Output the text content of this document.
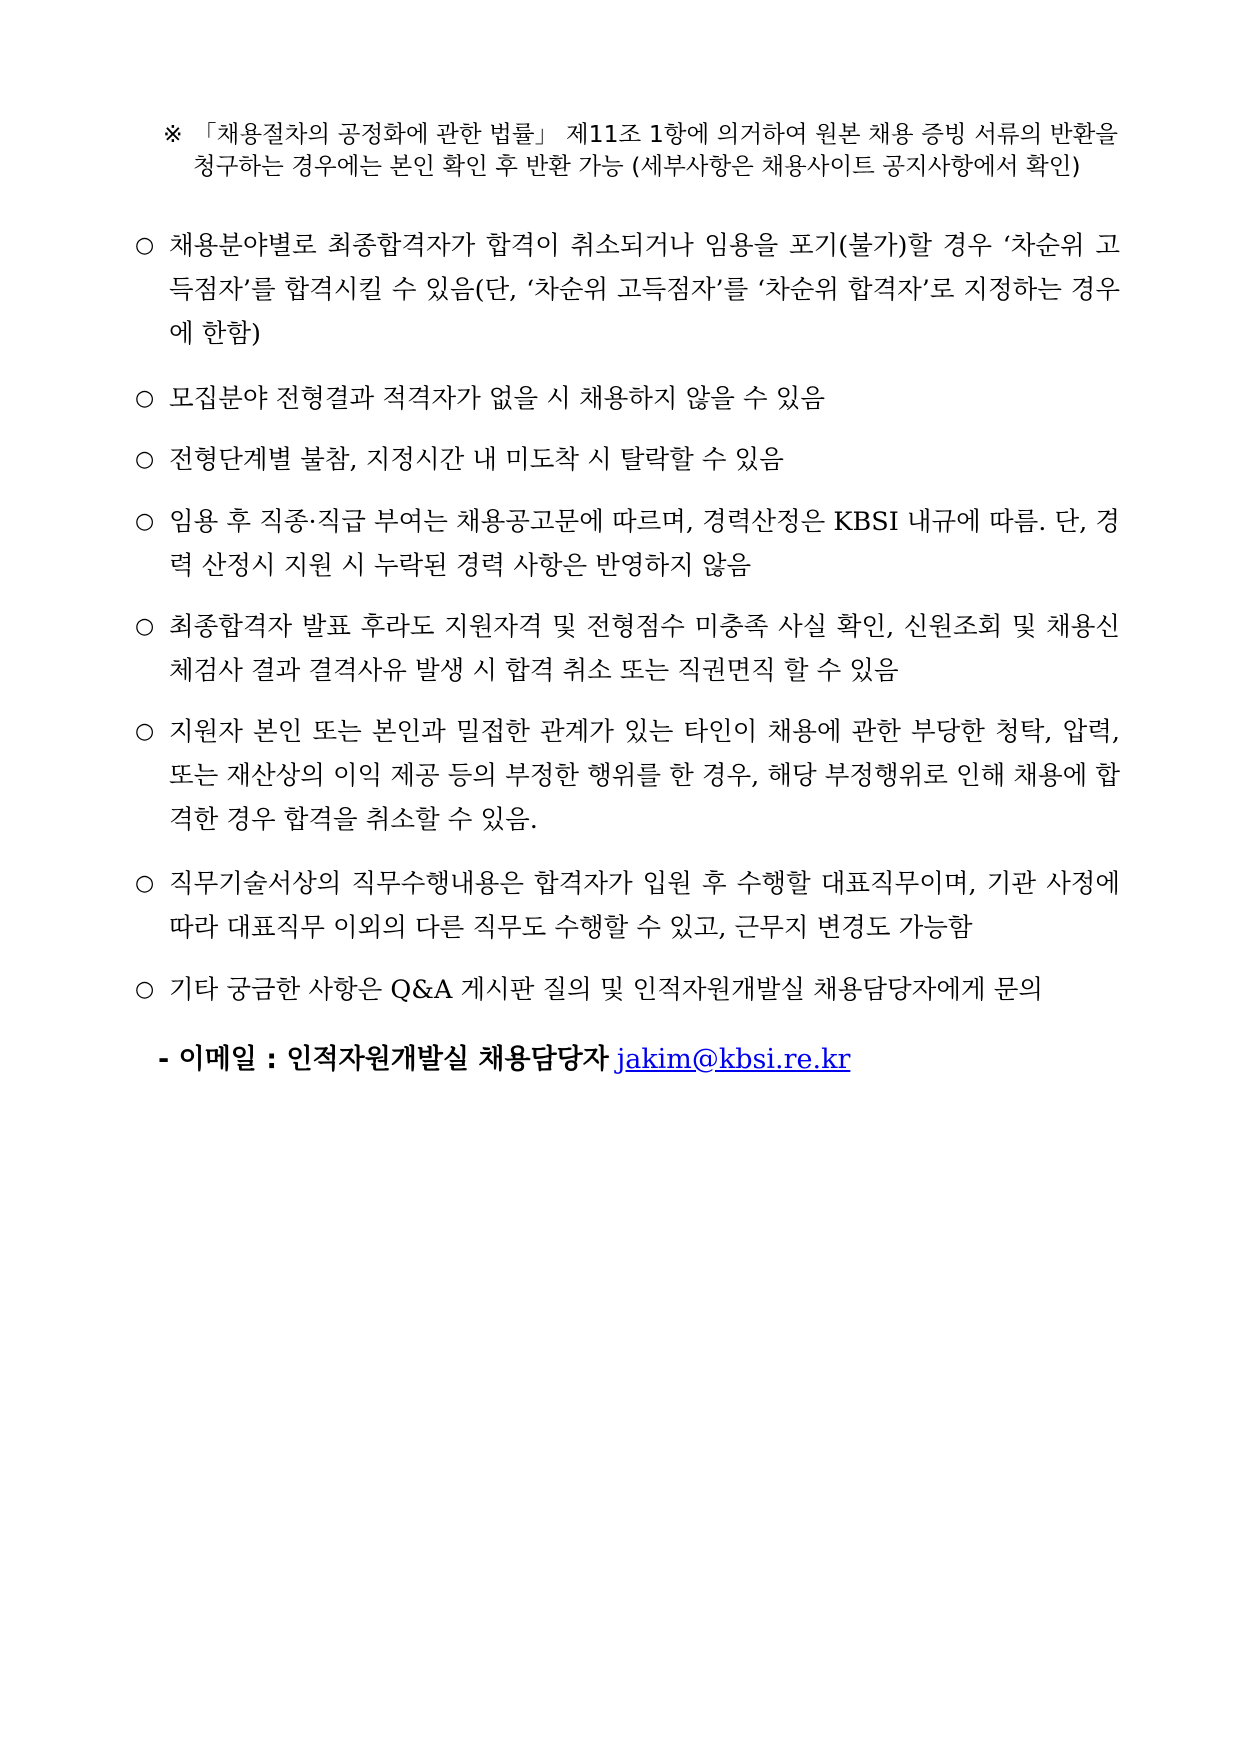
※ 「채용절차의 공정화에 관한 법률」 제11조 1항에 의거하여 원본 채용 증빙 서류의 반환을 청구하는 경우에는 본인 확인 후 반환 가능 (세부사항은 채용사이트 공지사항에서 확인)
○ 채용분야별로 최종합격자가 합격이 취소되거나 임용을 포기(불가)할 경우 ‘차순위 고득점자’를 합격시킬 수 있음(단, ‘차순위 고득점자’를 ‘차순위 합격자’로 지정하는 경우에 한함)
○ 모집분야 전형결과 적격자가 없을 시 채용하지 않을 수 있음
○ 전형단계별 불참, 지정시간 내 미도착 시 탈락할 수 있음
○ 임용 후 직종·직급 부여는 채용공고문에 따르며, 경력산정은 KBSI 내규에 따름. 단, 경력 산정시 지원 시 누락된 경력 사항은 반영하지 않음
○ 최종합격자 발표 후라도 지원자격 및 전형점수 미충족 사실 확인, 신원조회 및 채용신체검사 결과 결격사유 발생 시 합격 취소 또는 직권면직 할 수 있음
○ 지원자 본인 또는 본인과 밀접한 관계가 있는 타인이 채용에 관한 부당한 청탁, 압력, 또는 재산상의 이익 제공 등의 부정한 행위를 한 경우, 해당 부정행위로 인해 채용에 합격한 경우 합격을 취소할 수 있음.
○ 직무기술서상의 직무수행내용은 합격자가 입원 후 수행할 대표직무이며, 기관 사정에 따라 대표직무 이외의 다른 직무도 수행할 수 있고, 근무지 변경도 가능함
○ 기타 궁금한 사항은 Q&A 게시판 질의 및 인적자원개발실 채용담당자에게 문의
- 이메일 : 인적자원개발실 채용담당자 jakim@kbsi.re.kr
